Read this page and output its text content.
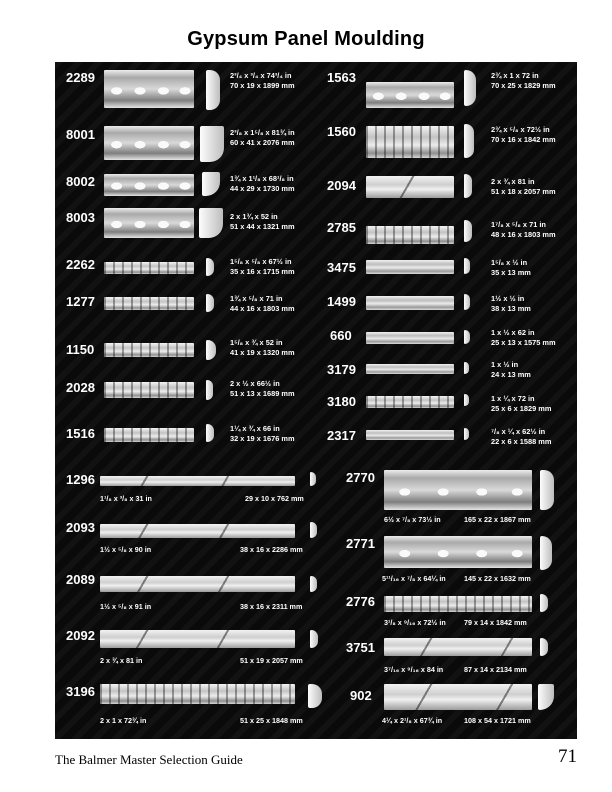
Gypsum Panel Moulding
2289	2³/₄ x ³/₄ x 74³/₄ in
70 x 19 x 1899 mm
8001	2³/₈ x 1⁵/₈ x 81¾ in
60 x 41 x 2076 mm
8002	1¾ x 1¹/₈ x 68¹/₈ in
44 x 29 x 1730 mm
8003	2 x 1¾ x 52 in
51 x 44 x 1321 mm
2262	1⁵/₈ x ⁵/₈ x 67½ in
35 x 16 x 1715 mm
1277	1¾ x ⁵/₈ x 71 in
44 x 16 x 1803 mm
1150	1⁵/₈ x ¾ x 52 in
41 x 19 x 1320 mm
2028	2 x ½ x 66½ in
51 x 13 x 1689 mm
1516	1¼ x ¾ x 66 in
32 x 19 x 1676 mm
1563	2¾ x 1 x 72 in
70 x 25 x 1829 mm
1560	2¾ x ⁵/₈ x 72½ in
70 x 16 x 1842 mm
2094	2 x ¾ x 81 in
51 x 18 x 2057 mm
2785	1⁷/₈ x ⁵/₈ x 71 in
48 x 16 x 1803 mm
3475	1⁵/₈ x ½ in
35 x 13 mm
1499	1½ x ½ in
38 x 13 mm
660	1 x ½ x 62 in
25 x 13 x 1575 mm
3179	1 x ½ in
24 x 13 mm
3180	1 x ¼ x 72 in
25 x 6 x 1829 mm
2317	⁷/₈ x ¼ x 62½ in
22 x 6 x 1588 mm
1296
1¹/₈ x ³/₈ x 31 in	29 x 10 x 762 mm
2093
1½ x ⁵/₈ x 90 in	38 x 16 x 2286 mm
2089
1½ x ⁵/₈ x 91 in	38 x 16 x 2311 mm
2092
2 x ¾ x 81 in	51 x 19 x 2057 mm
3196
2 x 1 x 72¾ in	51 x 25 x 1848 mm
2770
6½ x ⁷/₈ x 73½ in	165 x 22 x 1867 mm
2771
5¹¹/₁₆ x ⁷/₈ x 64¼ in	145 x 22 x 1632 mm
2776
3¹/₈ x ⁹/₁₆ x 72½ in	79 x 14 x 1842 mm
3751
3⁷/₁₆ x ⁹/₁₆ x 84 in	87 x 14 x 2134 mm
902
4¼ x 2¹/₈ x 67¾ in	108 x 54 x 1721 mm
The Balmer Master Selection Guide	71
